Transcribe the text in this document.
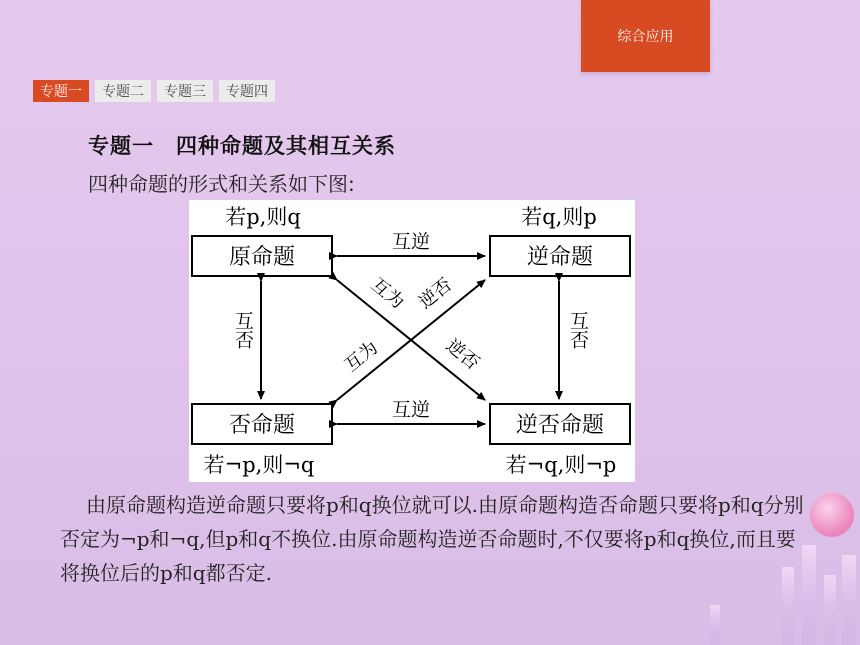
综合应用
专题一	专题二	专题三	专题四
专题一　四种命题及其相互关系
四种命题的形式和关系如下图:
若p,则q	若q,则p
若¬p,则¬q	若¬q,则¬p
原命题	逆命题
否命题	逆否命题
互逆
互逆
互否	互否
互为 逆否
互为	逆否
由原命题构造逆命题只要将p和q换位就可以.由原命题构造否命题只要将p和q分别否定为¬p和¬q,但p和q不换位.由原命题构造逆否命题时,不仅要将p和q换位,而且要将换位后的p和q都否定.
